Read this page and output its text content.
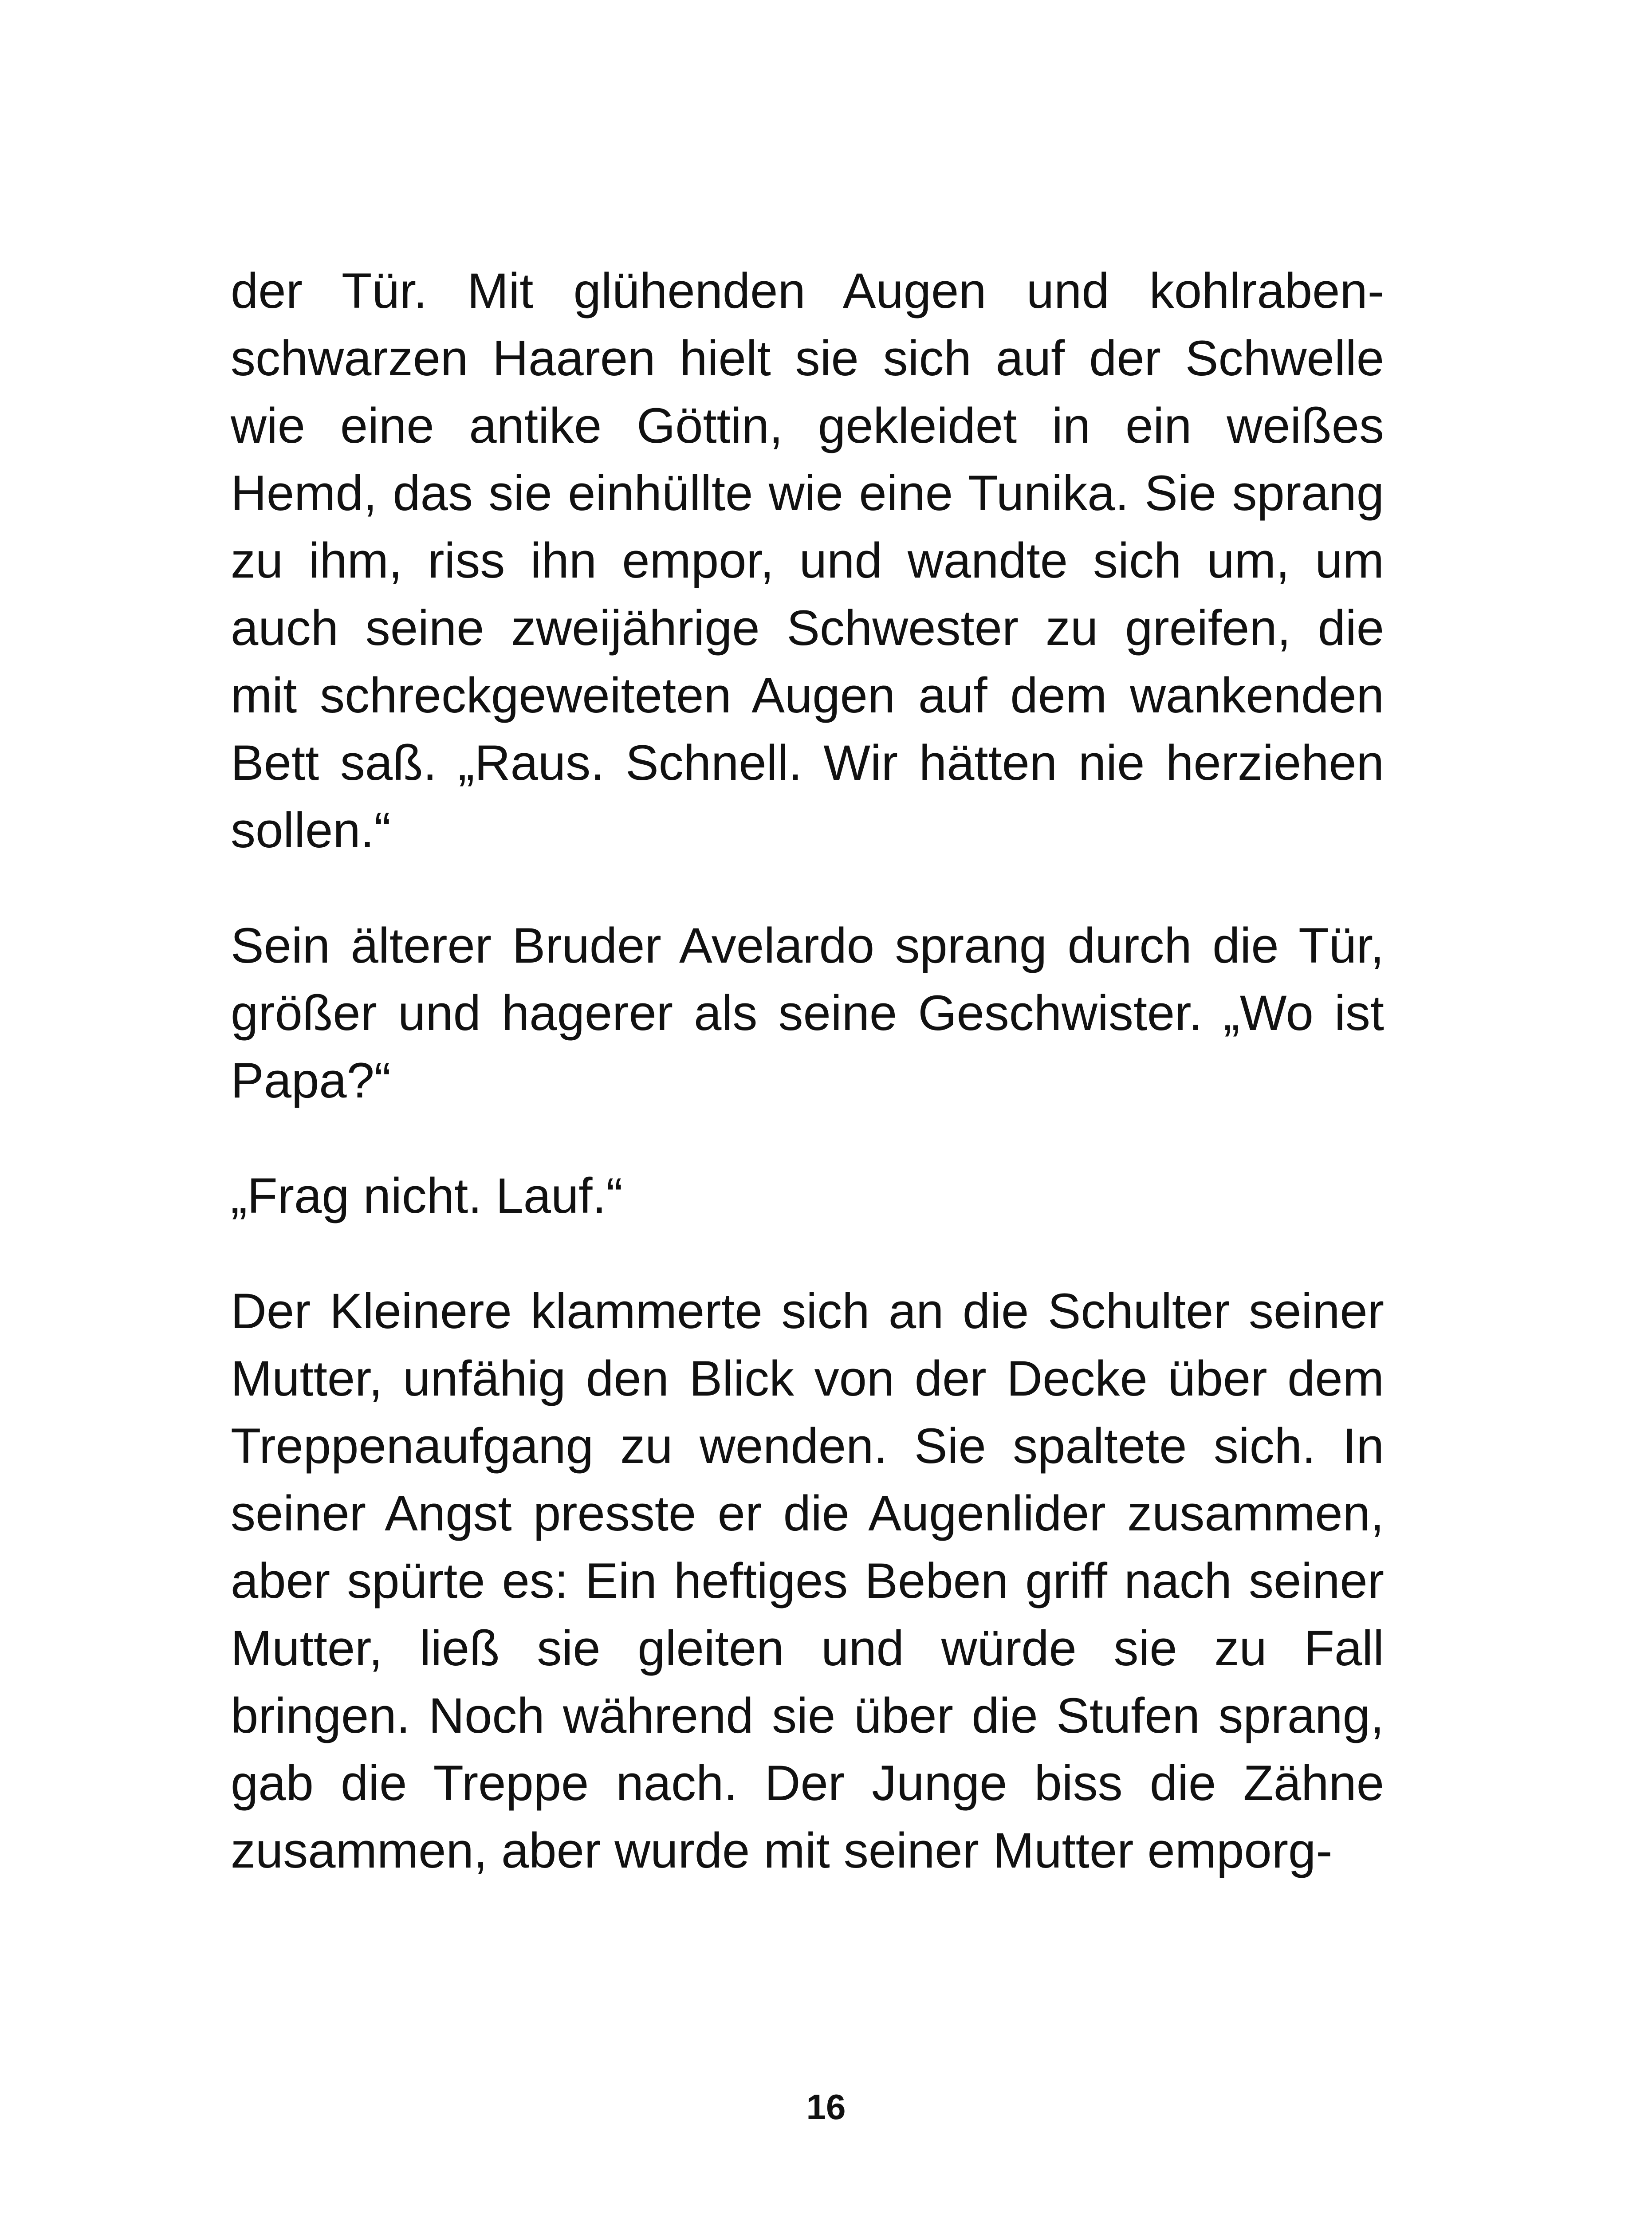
der Tür. Mit glühenden Augen und kohlraben-schwarzen Haaren hielt sie sich auf der Schwelle wie eine antike Göttin, gekleidet in ein weißes Hemd, das sie einhüllte wie eine Tunika. Sie sprang zu ihm, riss ihn empor, und wandte sich um, um auch seine zweijährige Schwester zu greifen, die mit schreckgeweiteten Augen auf dem wankenden Bett saß. „Raus. Schnell. Wir hätten nie herziehen sollen.“

Sein älterer Bruder Avelardo sprang durch die Tür, größer und hagerer als seine Geschwister. „Wo ist Papa?“

„Frag nicht. Lauf.“

Der Kleinere klammerte sich an die Schulter seiner Mutter, unfähig den Blick von der Decke über dem Treppenaufgang zu wenden. Sie spaltete sich. In seiner Angst presste er die Augenlider zusammen, aber spürte es: Ein heftiges Beben griff nach seiner Mutter, ließ sie gleiten und würde sie zu Fall bringen. Noch während sie über die Stufen sprang, gab die Treppe nach. Der Junge biss die Zähne zusammen, aber wurde mit seiner Mutter emporg-

16
